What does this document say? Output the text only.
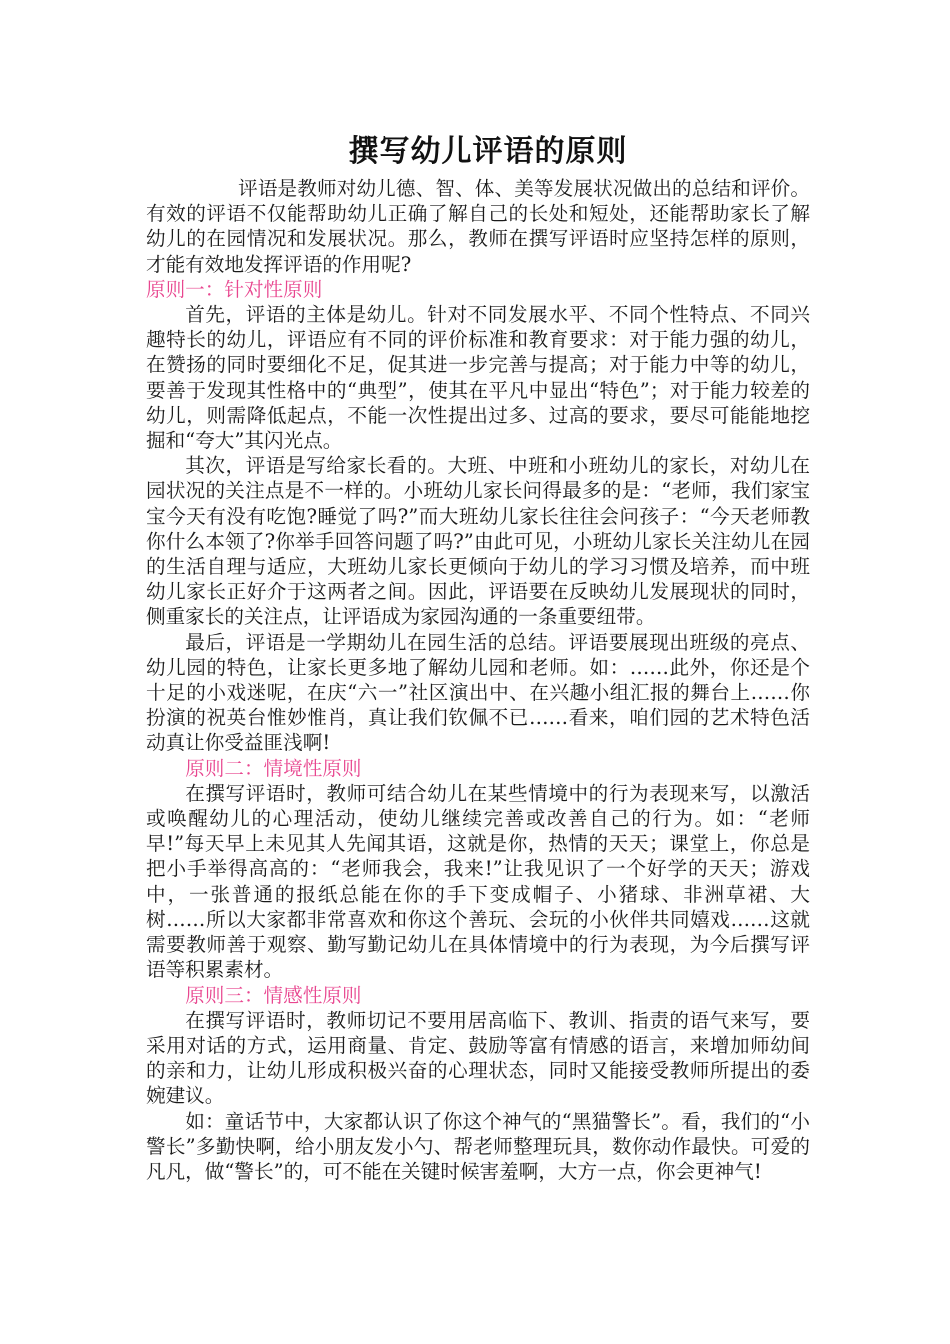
撰写幼儿评语的原则

评语是教师对幼儿德、智、体、美等发展状况做出的总结和评价。有效的评语不仅能帮助幼儿正确了解自己的长处和短处，还能帮助家长了解幼儿的在园情况和发展状况。那么，教师在撰写评语时应坚持怎样的原则，才能有效地发挥评语的作用呢?

原则一：针对性原则

首先，评语的主体是幼儿。针对不同发展水平、不同个性特点、不同兴趣特长的幼儿，评语应有不同的评价标准和教育要求：对于能力强的幼儿，在赞扬的同时要细化不足，促其进一步完善与提高；对于能力中等的幼儿，要善于发现其性格中的“典型”，使其在平凡中显出“特色”；对于能力较差的幼儿，则需降低起点，不能一次性提出过多、过高的要求，要尽可能能地挖掘和“夸大”其闪光点。

其次，评语是写给家长看的。大班、中班和小班幼儿的家长，对幼儿在园状况的关注点是不一样的。小班幼儿家长问得最多的是：“老师，我们家宝宝今天有没有吃饱?睡觉了吗?”而大班幼儿家长往往会问孩子：“今天老师教你什么本领了?你举手回答问题了吗?”由此可见，小班幼儿家长关注幼儿在园的生活自理与适应，大班幼儿家长更倾向于幼儿的学习习惯及培养，而中班幼儿家长正好介于这两者之间。因此，评语要在反映幼儿发展现状的同时，侧重家长的关注点，让评语成为家园沟通的一条重要纽带。

最后，评语是一学期幼儿在园生活的总结。评语要展现出班级的亮点、幼儿园的特色，让家长更多地了解幼儿园和老师。如：……此外，你还是个十足的小戏迷呢，在庆“六一”社区演出中、在兴趣小组汇报的舞台上……你扮演的祝英台惟妙惟肖，真让我们钦佩不已……看来，咱们园的艺术特色活动真让你受益匪浅啊!

原则二：情境性原则

在撰写评语时，教师可结合幼儿在某些情境中的行为表现来写，以激活或唤醒幼儿的心理活动，使幼儿继续完善或改善自己的行为。如：“老师早!”每天早上未见其人先闻其语，这就是你，热情的天天；课堂上，你总是把小手举得高高的：“老师我会，我来!”让我见识了一个好学的天天；游戏中，一张普通的报纸总能在你的手下变成帽子、小猪球、非洲草裙、大树……所以大家都非常喜欢和你这个善玩、会玩的小伙伴共同嬉戏……这就需要教师善于观察、勤写勤记幼儿在具体情境中的行为表现，为今后撰写评语等积累素材。

原则三：情感性原则

在撰写评语时，教师切记不要用居高临下、教训、指责的语气来写，要采用对话的方式，运用商量、肯定、鼓励等富有情感的语言，来增加师幼间的亲和力，让幼儿形成积极兴奋的心理状态，同时又能接受教师所提出的委婉建议。

如：童话节中，大家都认识了你这个神气的“黑猫警长”。看，我们的“小警长”多勤快啊，给小朋友发小勺、帮老师整理玩具，数你动作最快。可爱的凡凡，做“警长”的，可不能在关键时候害羞啊，大方一点，你会更神气!
